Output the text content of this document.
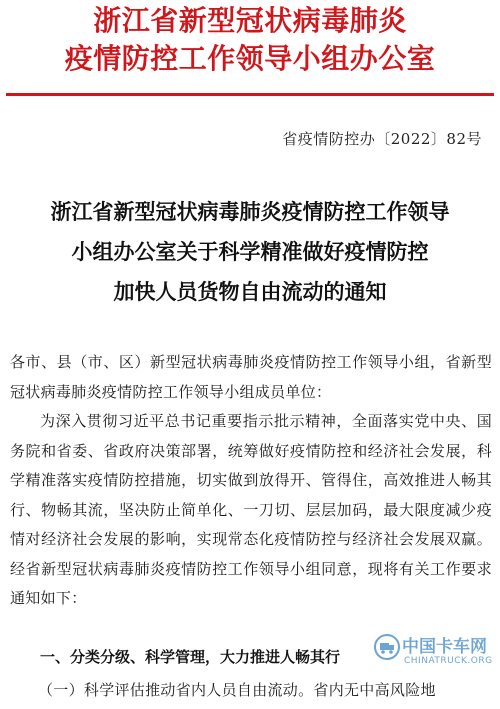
浙江省新型冠状病毒肺炎
疫情防控工作领导小组办公室
省疫情防控办〔2022〕82号
浙江省新型冠状病毒肺炎疫情防控工作领导
小组办公室关于科学精准做好疫情防控
加快人员货物自由流动的通知

各市、县（市、区）新型冠状病毒肺炎疫情防控工作领导小组，省新型冠状病毒肺炎疫情防控工作领导小组成员单位：

为深入贯彻习近平总书记重要指示批示精神，全面落实党中央、国务院和省委、省政府决策部署，统筹做好疫情防控和经济社会发展，科学精准落实疫情防控措施，切实做到放得开、管得住，高效推进人畅其行、物畅其流，坚决防止简单化、一刀切、层层加码，最大限度减少疫情对经济社会发展的影响，实现常态化疫情防控与经济社会发展双赢。经省新型冠状病毒肺炎疫情防控工作领导小组同意，现将有关工作要求通知如下：

一、分类分级、科学管理，大力推进人畅其行
（一）科学评估推动省内人员自由流动。省内无中高风险地
中国卡车网
CHINATRUCK.ORG
